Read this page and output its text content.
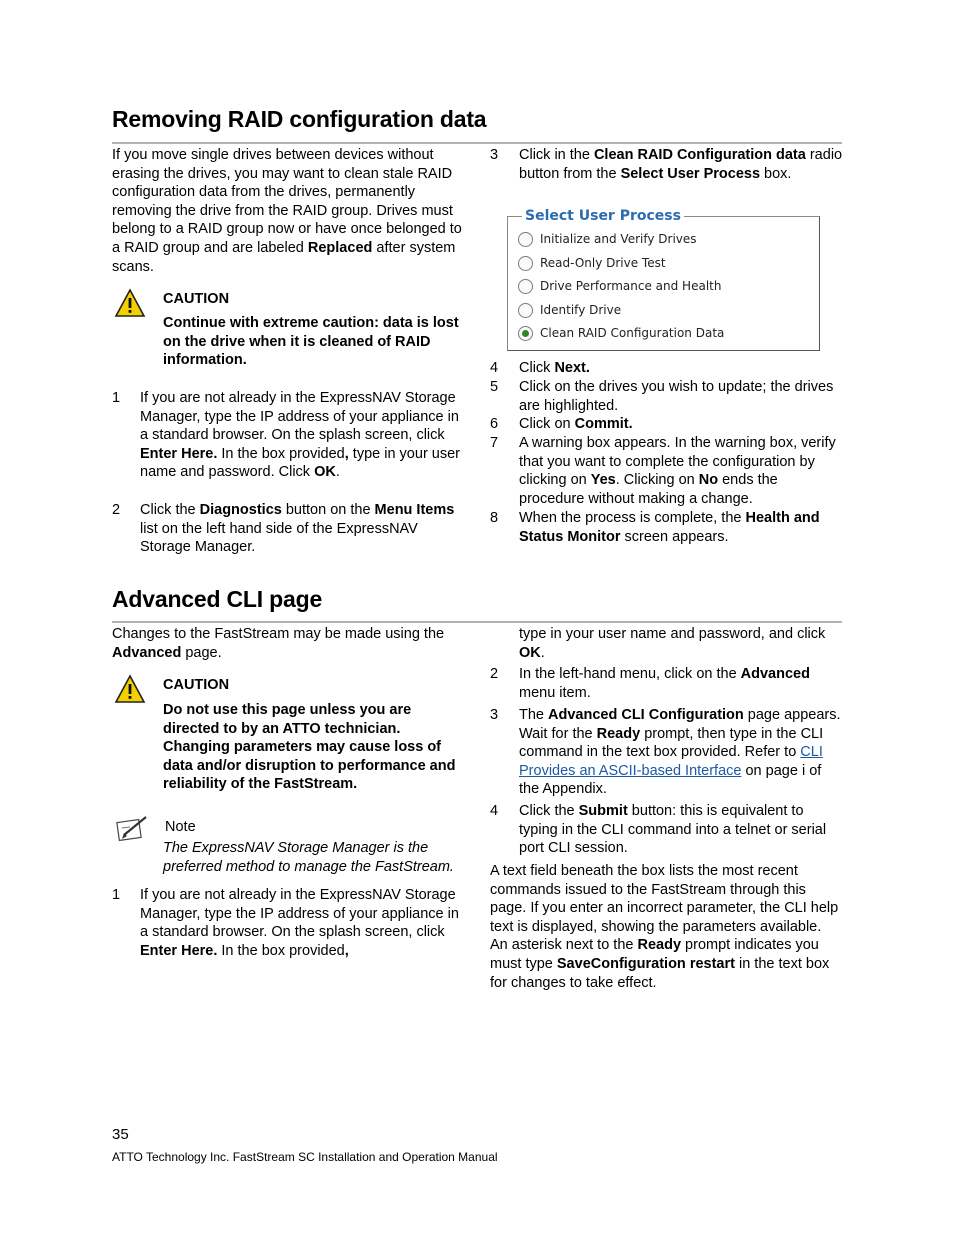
Removing RAID configuration data
If you move single drives between devices without erasing the drives, you may want to clean stale RAID configuration data from the drives, permanently removing the drive from the RAID group. Drives must belong to a RAID group now or have once belonged to a RAID group and are labeled Replaced after system scans.
CAUTION
Continue with extreme caution: data is lost on the drive when it is cleaned of RAID information.
1 If you are not already in the ExpressNAV Storage Manager, type the IP address of your appliance in a standard browser. On the splash screen, click Enter Here. In the box provided, type in your user name and password. Click OK.
2 Click the Diagnostics button on the Menu Items list on the left hand side of the ExpressNAV Storage Manager.
3 Click in the Clean RAID Configuration data radio button from the Select User Process box.
Select User Process
Initialize and Verify Drives
Read-Only Drive Test
Drive Performance and Health
Identify Drive
Clean RAID Configuration Data
4 Click Next.
5 Click on the drives you wish to update; the drives are highlighted.
6 Click on Commit.
7 A warning box appears. In the warning box, verify that you want to complete the configuration by clicking on Yes. Clicking on No ends the procedure without making a change.
8 When the process is complete, the Health and Status Monitor screen appears.
Advanced CLI page
Changes to the FastStream may be made using the Advanced page.
CAUTION
Do not use this page unless you are directed to by an ATTO technician. Changing parameters may cause loss of data and/or disruption to performance and reliability of the FastStream.
Note
The ExpressNAV Storage Manager is the preferred method to manage the FastStream.
1 If you are not already in the ExpressNAV Storage Manager, type the IP address of your appliance in a standard browser. On the splash screen, click Enter Here. In the box provided,
type in your user name and password, and click OK.
2 In the left-hand menu, click on the Advanced menu item.
3 The Advanced CLI Configuration page appears. Wait for the Ready prompt, then type in the CLI command in the text box provided. Refer to CLI Provides an ASCII-based Interface on page i of the Appendix.
4 Click the Submit button: this is equivalent to typing in the CLI command into a telnet or serial port CLI session.
A text field beneath the box lists the most recent commands issued to the FastStream through this page. If you enter an incorrect parameter, the CLI help text is displayed, showing the parameters available. An asterisk next to the Ready prompt indicates you must type SaveConfiguration restart in the text box for changes to take effect.
35
ATTO Technology Inc. FastStream SC Installation and Operation Manual
